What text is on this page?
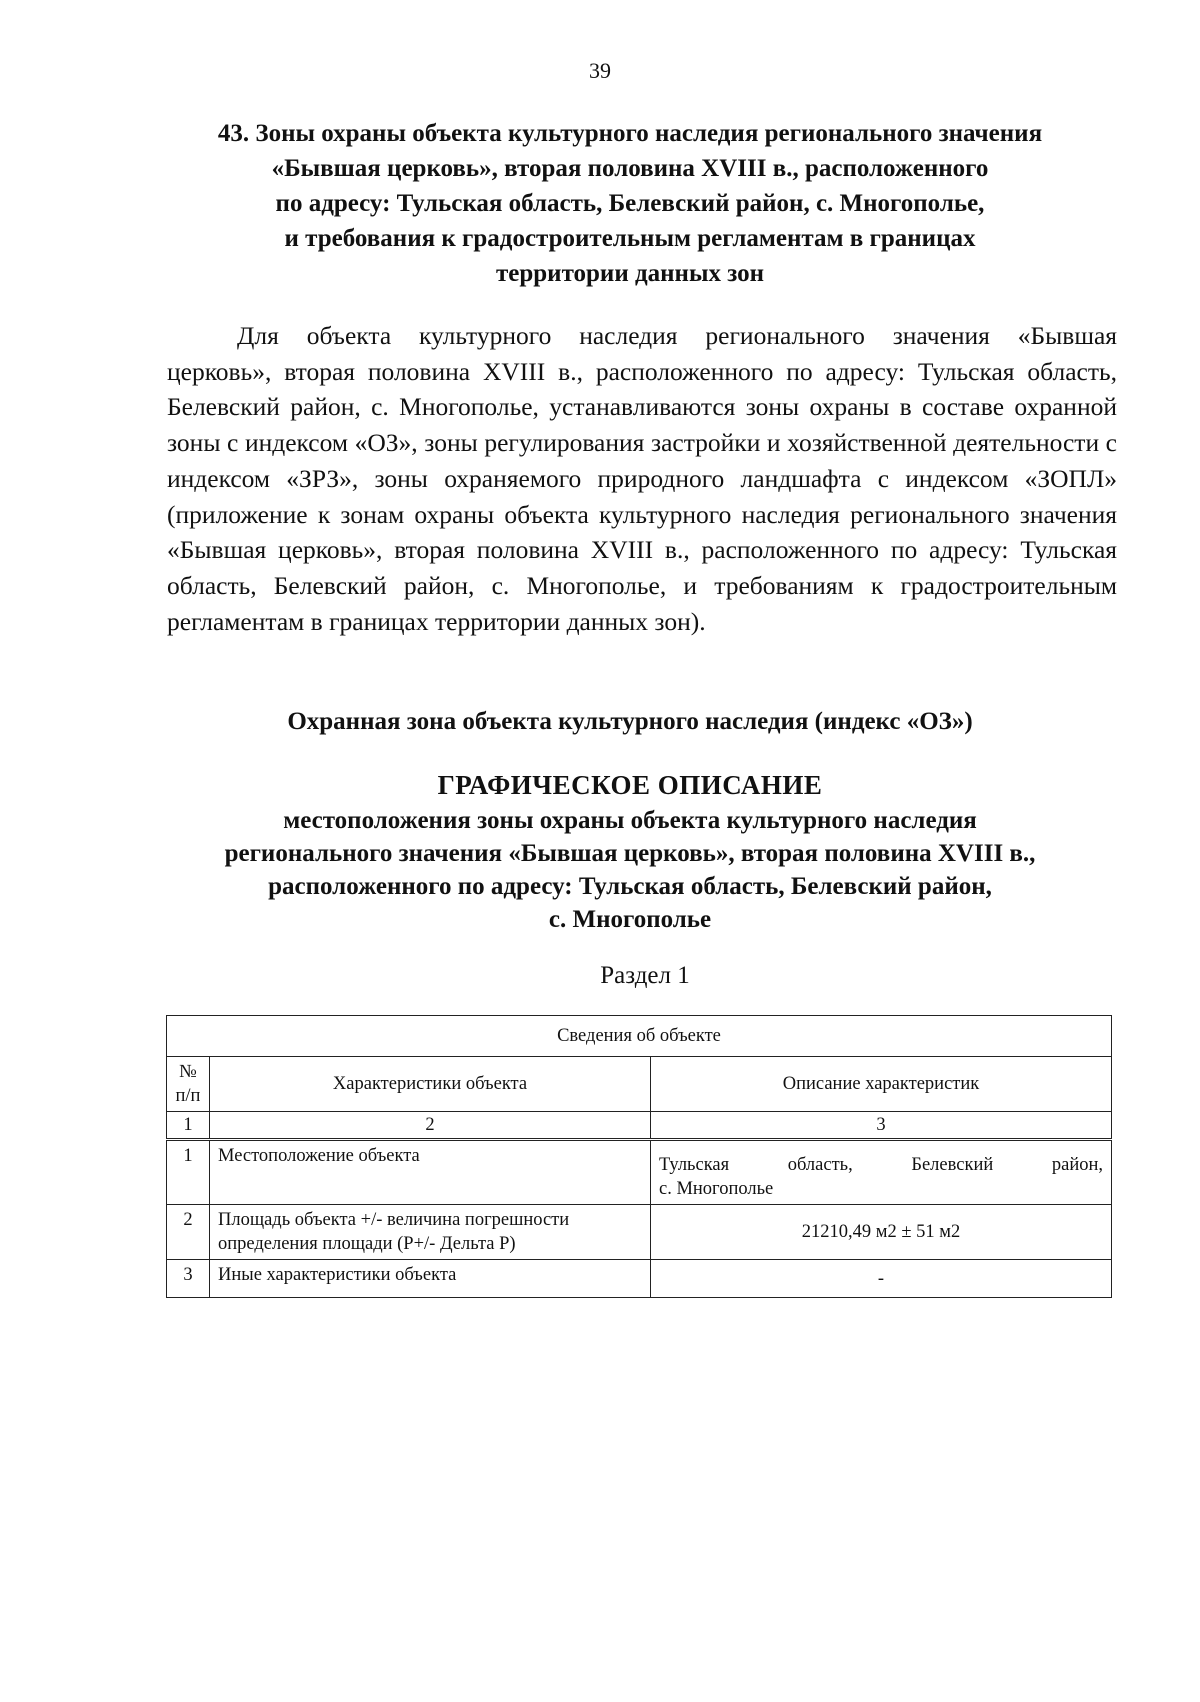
39
43. Зоны охраны объекта культурного наследия регионального значения
«Бывшая церковь», вторая половина XVIII в., расположенного
по адресу: Тульская область, Белевский район, с. Многополье,
и требования к градостроительным регламентам в границах
территории данных зон
Для объекта культурного наследия регионального значения «Бывшая
церковь», вторая половина XVIII в., расположенного по адресу: Тульская область, Белевский район, с. Многополье, устанавливаются зоны охраны в составе охранной зоны с индексом «ОЗ», зоны регулирования застройки и хозяйственной деятельности с индексом «ЗРЗ», зоны охраняемого природного ландшафта с индексом «ЗОПЛ» (приложение к зонам охраны объекта культурного наследия регионального значения «Бывшая церковь», вторая половина XVIII в., расположенного по адресу: Тульская область, Белевский район, с. Многополье, и требованиям к градостроительным регламентам в границах территории данных зон).
Охранная зона объекта культурного наследия (индекс «ОЗ»)
ГРАФИЧЕСКОЕ ОПИСАНИЕ
местоположения зоны охраны объекта культурного наследия
регионального значения «Бывшая церковь», вторая половина XVIII в.,
расположенного по адресу: Тульская область, Белевский район,
с. Многополье
Раздел 1
Сведения об объекте		

№
п/п	Характеристики объекта	Описание характеристик
1	2	3
1	Местоположение объекта	Тульская область, Белевский район,
с. Многополье
2	Площадь объекта +/- величина погрешности определения площади (Р+/- Дельта Р)	21210,49 м2 ± 51 м2
3	Иные характеристики объекта	-
